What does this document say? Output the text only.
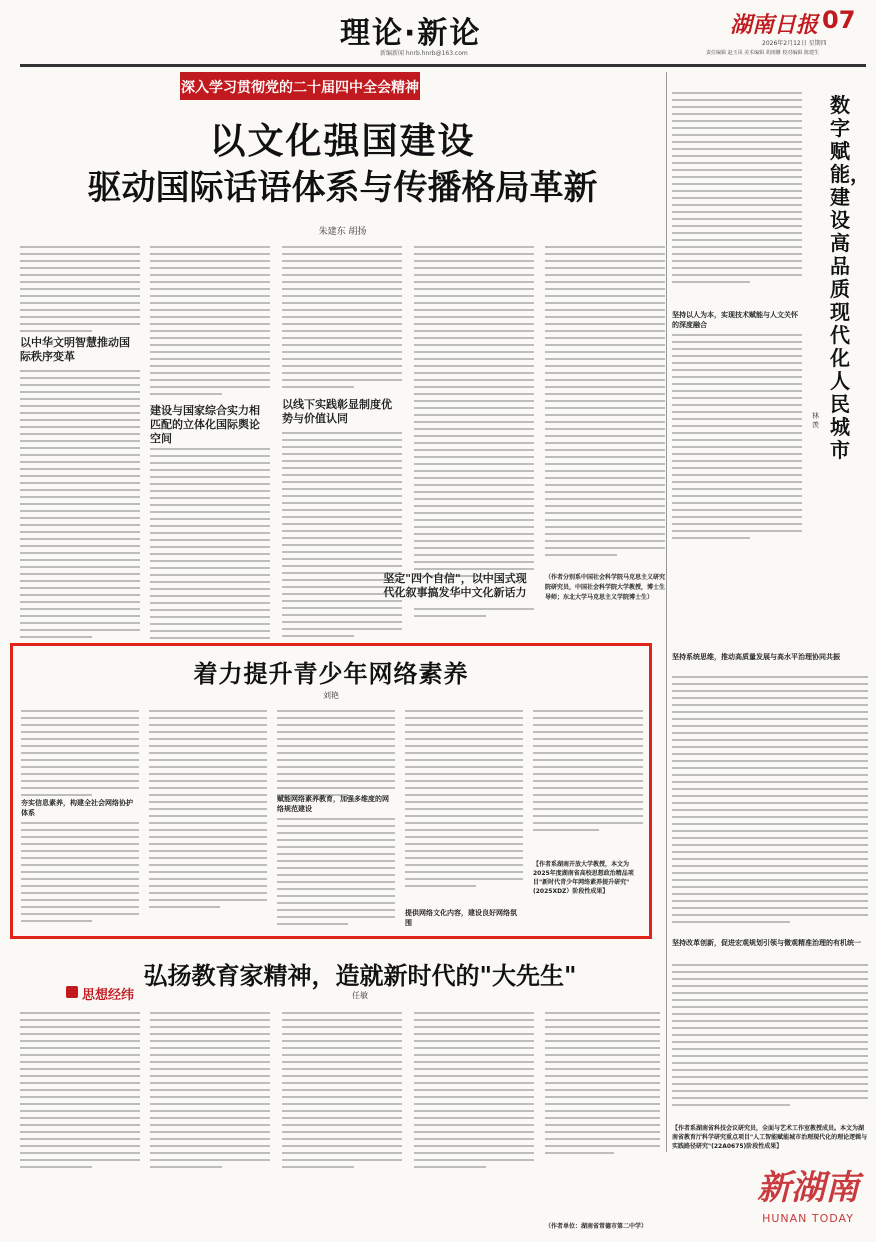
理论·新论
新编新闻 hnrb.hnrb@163.com
湖南日报 07
2026年2月12日 星期四
责任编辑 赵玉凤 美术编辑 胡雨姗 校对编辑 陈建生
深入学习贯彻党的二十届四中全会精神
以文化强国建设
驱动国际话语体系与传播格局革新
朱建东 胡扬
以中华文明智慧推动国际秩序变革
建设与国家综合实力相匹配的立体化国际舆论空间
以线下实践彰显制度优势与价值认同
坚定"四个自信"，以中国式现代化叙事搞发华中文化新话力
（作者分别系中国社会科学院马克思主义研究院研究员，中国社会科学院大学教授，博士生导师；东北大学马克思主义学院博士生）
数字赋能，建设高品质现代化人民城市
林羡
坚持以人为本，实现技术赋能与人文关怀的深度融合
坚持系统思维，推动高质量发展与高水平治理协同共振
坚持改革创新，促进宏观规划引领与微观精准治理的有机统一
【作者系湖南省科技会议研究员，全面与艺术工作室教授成员。本文为湖南省教育厅科学研究重点项目"人工智能赋能城市治理现代化的理论逻辑与实践路径研究"(22A0675)阶段性成果】
着力提升青少年网络素养
刘艳
夯实信息素养，构建全社会网络协护体系
赋能网络素养教育，加强多维度的网络规范建设
提供网络文化内容，建设良好网络氛围
【作者系湖南开放大学教授，本文为2025年度湖南省高校思想政治精品项目"新时代青少年网络素养提升研究"(2025XDZ）阶段性成果】
弘扬教育家精神，造就新时代的"大先生"
任敏
思想经纬
（作者单位：湖南省常德市第二中学）
新湖南
HUNAN TODAY
